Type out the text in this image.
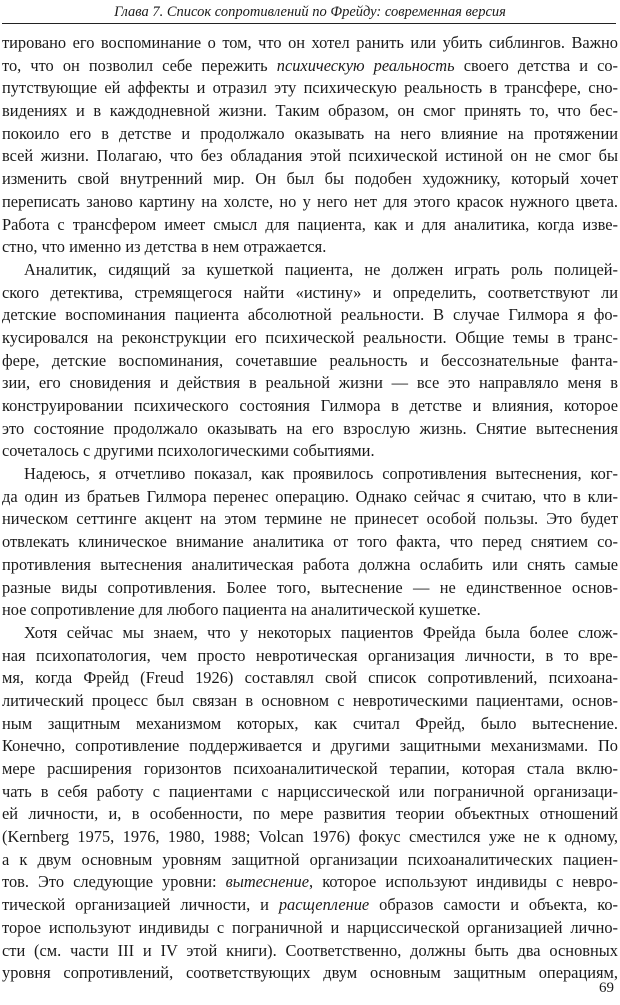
Глава 7. Список сопротивлений по Фрейду: современная версия
тировано его воспоминание о том, что он хотел ранить или убить сиблингов. Важно
то, что он позволил себе пережить психическую реальность своего детства и со-
путствующие ей аффекты и отразил эту психическую реальность в трансфере, сно-
видениях и в каждодневной жизни. Таким образом, он смог принять то, что бес-
покоило его в детстве и продолжало оказывать на него влияние на протяжении
всей жизни. Полагаю, что без обладания этой психической истиной он не смог бы
изменить свой внутренний мир. Он был бы подобен художнику, который хочет
переписать заново картину на холсте, но у него нет для этого красок нужного цвета.
Работа с трансфером имеет смысл для пациента, как и для аналитика, когда изве-
стно, что именно из детства в нем отражается.
Аналитик, сидящий за кушеткой пациента, не должен играть роль полицей-
ского детектива, стремящегося найти «истину» и определить, соответствуют ли
детские воспоминания пациента абсолютной реальности. В случае Гилмора я фо-
кусировался на реконструкции его психической реальности. Общие темы в транс-
фере, детские воспоминания, сочетавшие реальность и бессознательные фанта-
зии, его сновидения и действия в реальной жизни — все это направляло меня в
конструировании психического состояния Гилмора в детстве и влияния, которое
это состояние продолжало оказывать на его взрослую жизнь. Снятие вытеснения
сочеталось с другими психологическими событиями.
Надеюсь, я отчетливо показал, как проявилось сопротивления вытеснения, ког-
да один из братьев Гилмора перенес операцию. Однако сейчас я считаю, что в кли-
ническом сеттинге акцент на этом термине не принесет особой пользы. Это будет
отвлекать клиническое внимание аналитика от того факта, что перед снятием со-
противления вытеснения аналитическая работа должна ослабить или снять самые
разные виды сопротивления. Более того, вытеснение — не единственное основ-
ное сопротивление для любого пациента на аналитической кушетке.
Хотя сейчас мы знаем, что у некоторых пациентов Фрейда была более слож-
ная психопатология, чем просто невротическая организация личности, в то вре-
мя, когда Фрейд (Freud 1926) составлял свой список сопротивлений, психоана-
литический процесс был связан в основном с невротическими пациентами, основ-
ным защитным механизмом которых, как считал Фрейд, было вытеснение.
Конечно, сопротивление поддерживается и другими защитными механизмами. По
мере расширения горизонтов психоаналитической терапии, которая стала вклю-
чать в себя работу с пациентами с нарциссической или пограничной организаци-
ей личности, и, в особенности, по мере развития теории объектных отношений
(Kernberg 1975, 1976, 1980, 1988; Volcan 1976) фокус сместился уже не к одному,
а к двум основным уровням защитной организации психоаналитических пациен-
тов. Это следующие уровни: вытеснение, которое используют индивиды с невро-
тической организацией личности, и расщепление образов самости и объекта, ко-
торое используют индивиды с пограничной и нарциссической организацией лично-
сти (см. части III и IV этой книги). Соответственно, должны быть два основных
уровня сопротивлений, соответствующих двум основным защитным операциям,
69
